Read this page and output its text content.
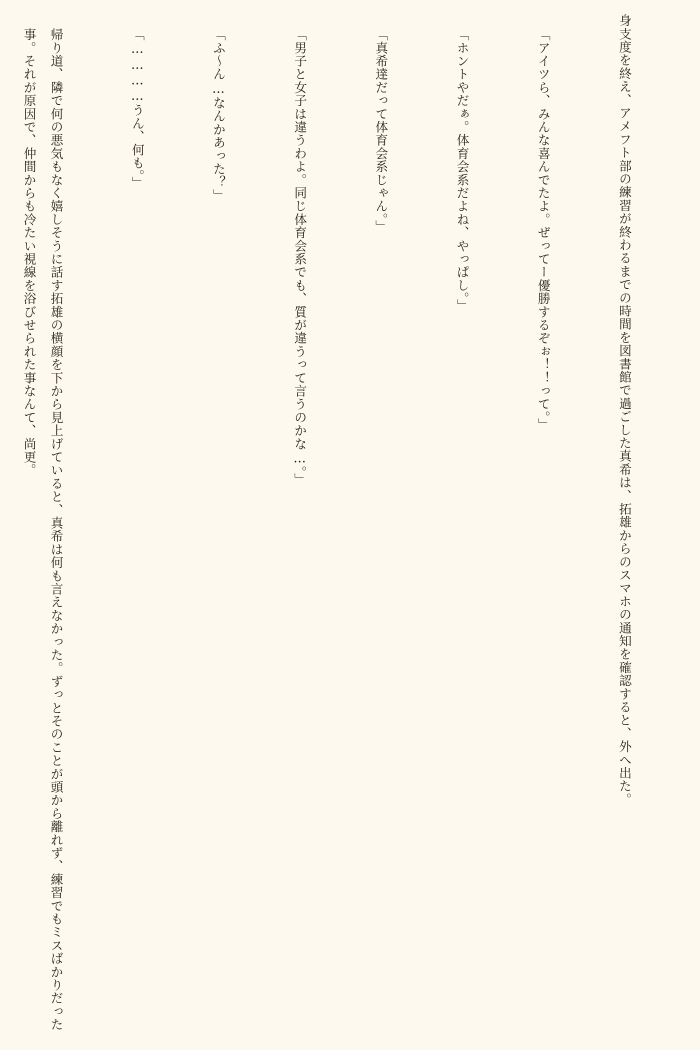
身支度を終え、アメフト部の練習が終わるまでの時間を図書館で過ごした真希は、拓雄からのスマホの通知を確認すると、外へ出た。

「アイツら、みんな喜んでたよ。ぜってー優勝するぞぉ！！って。」

「ホントやだぁ。体育会系だよね、やっぱし。」

「真希達だって体育会系じゃん。」

「男子と女子は違うわよ。同じ体育会系でも、質が違うって言うのかな…。」

「ふ〜ん…なんかあった？」

「…………うん、何も。」

帰り道、隣で何の悪気もなく嬉しそうに話す拓雄の横顔を下から見上げていると、真希は何も言えなかった。ずっとそのことが頭から離れず、練習でもミスばかりだった事。それが原因で、仲間からも冷たい視線を浴びせられた事なんて、尚更。
